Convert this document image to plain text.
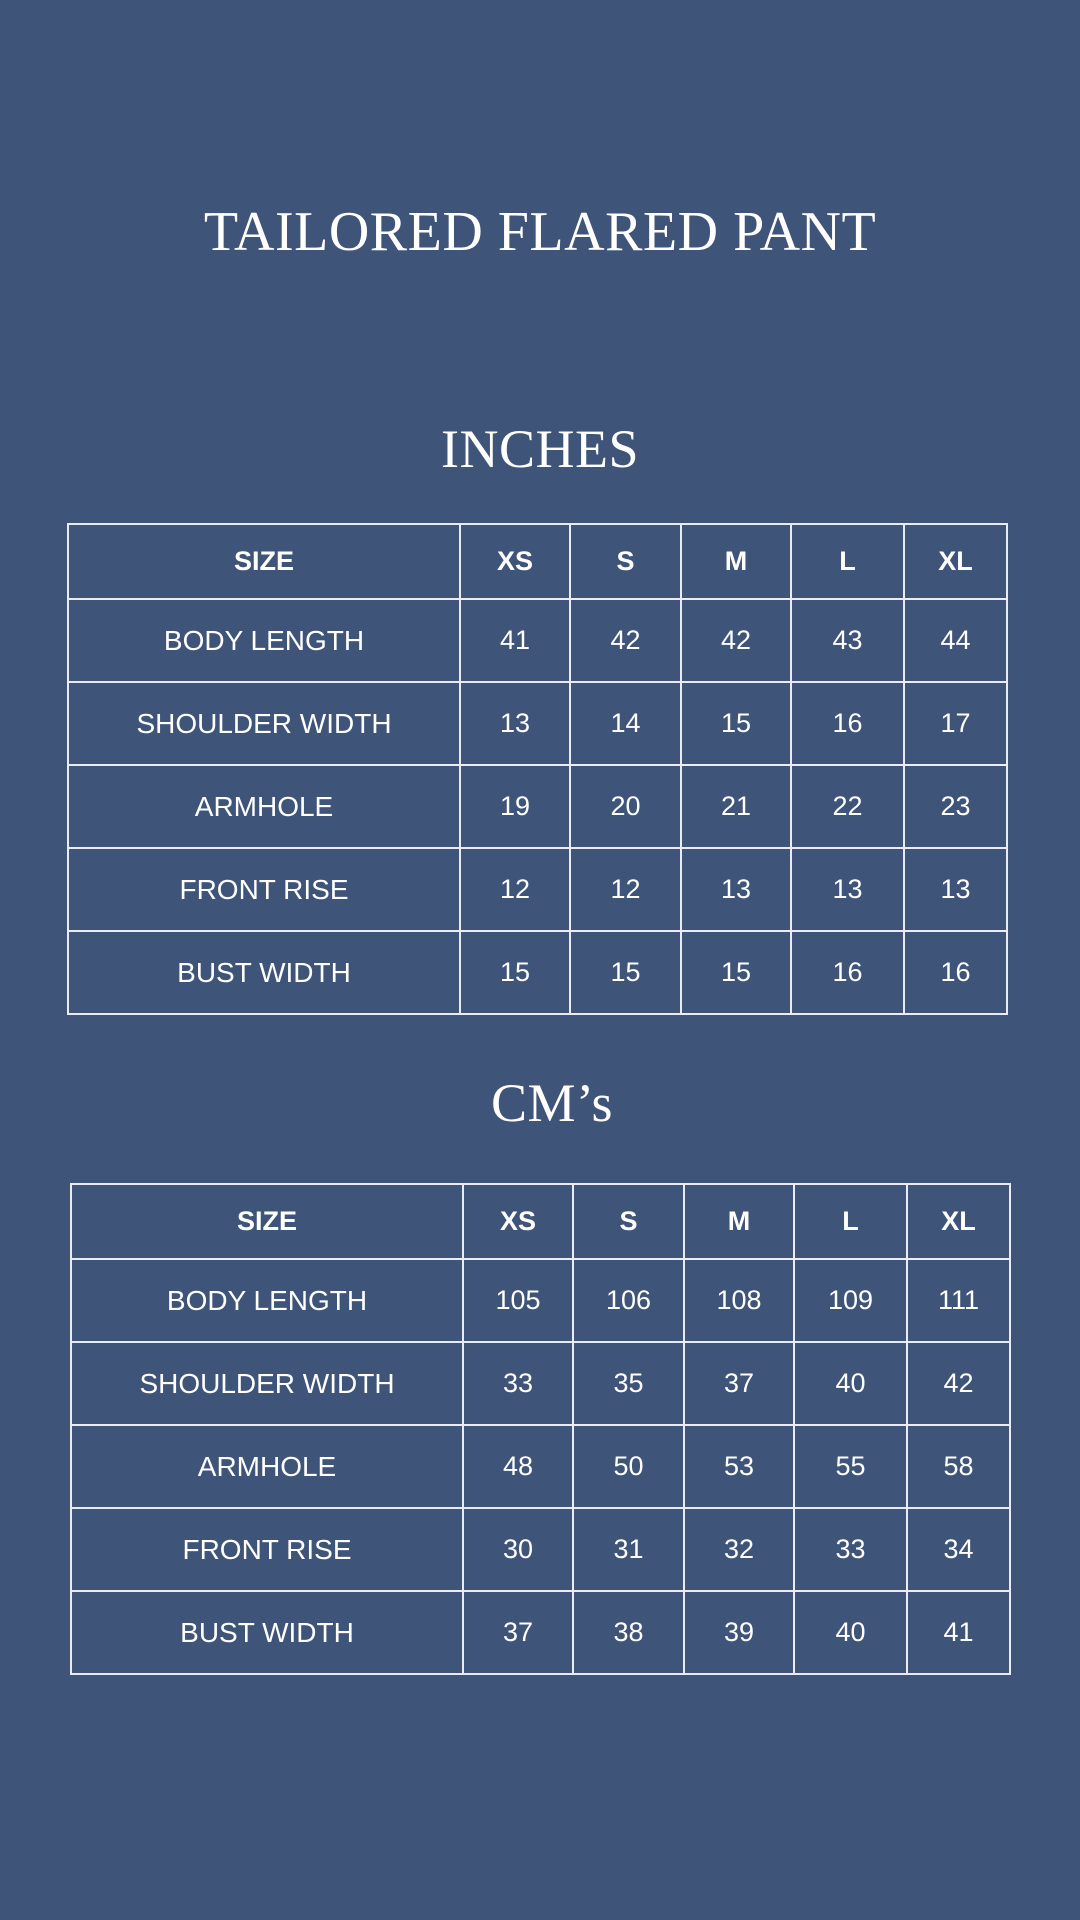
TAILORED FLARED PANT
INCHES
SIZE	XS	S	M	L	XL
BODY LENGTH	41	42	42	43	44
SHOULDER WIDTH	13	14	15	16	17
ARMHOLE	19	20	21	22	23
FRONT RISE	12	12	13	13	13
BUST WIDTH	15	15	15	16	16
CM’s
SIZE	XS	S	M	L	XL
BODY LENGTH	105	106	108	109	111
SHOULDER WIDTH	33	35	37	40	42
ARMHOLE	48	50	53	55	58
FRONT RISE	30	31	32	33	34
BUST WIDTH	37	38	39	40	41
